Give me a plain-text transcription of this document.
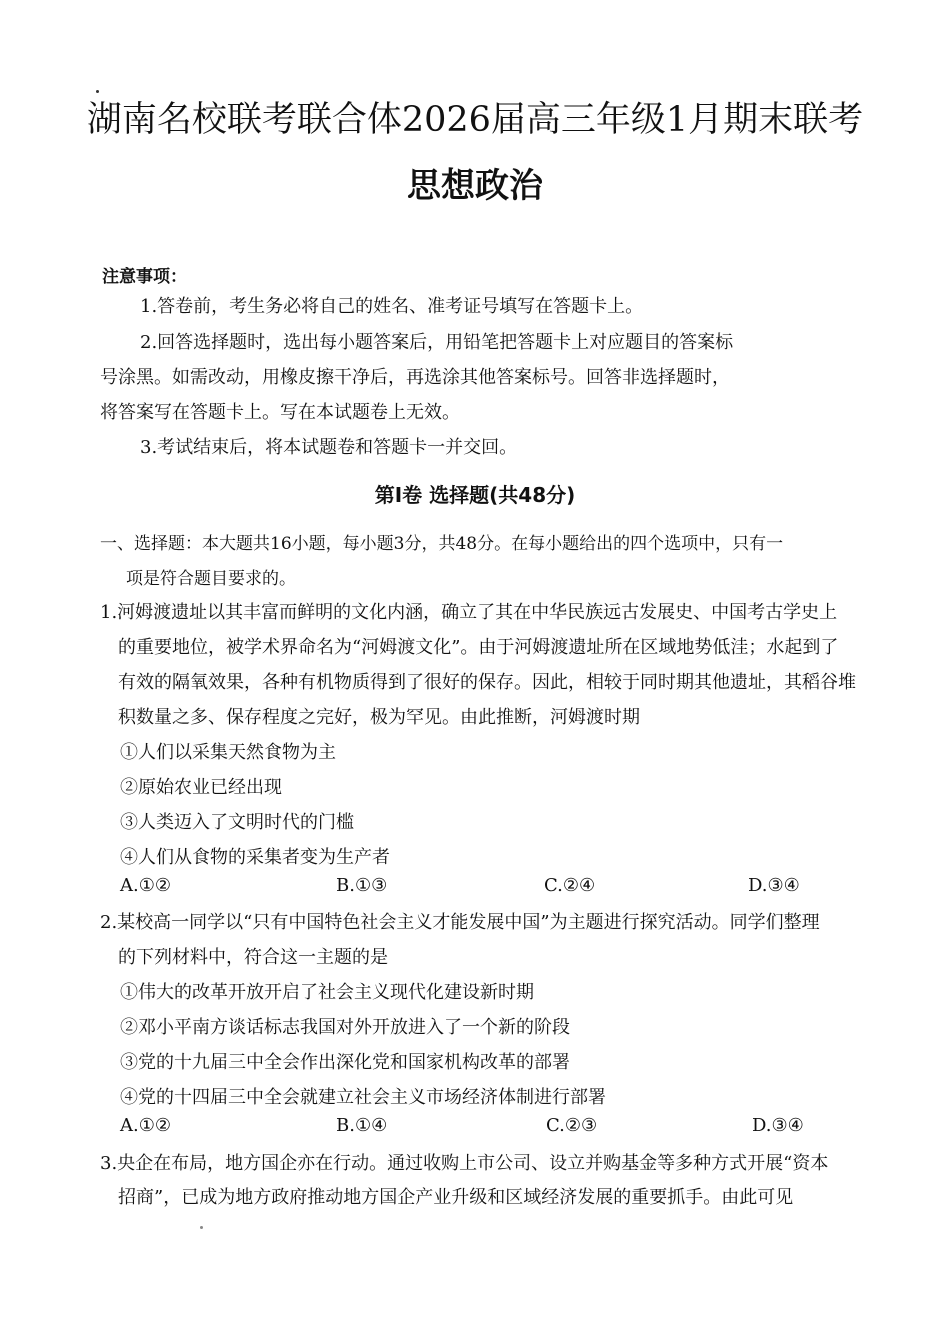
湖南名校联考联合体2026届高三年级1月期末联考
思想政治
注意事项：
1.答卷前，考生务必将自己的姓名、准考证号填写在答题卡上。
2.回答选择题时，选出每小题答案后，用铅笔把答题卡上对应题目的答案标
号涂黑。如需改动，用橡皮擦干净后，再选涂其他答案标号。回答非选择题时，
将答案写在答题卡上。写在本试题卷上无效。
3.考试结束后，将本试题卷和答题卡一并交回。
第Ⅰ卷 选择题(共48分)
一、选择题：本大题共16小题，每小题3分，共48分。在每小题给出的四个选项中，只有一
项是符合题目要求的。
1.河姆渡遗址以其丰富而鲜明的文化内涵，确立了其在中华民族远古发展史、中国考古学史上
的重要地位，被学术界命名为“河姆渡文化”。由于河姆渡遗址所在区域地势低洼；水起到了
有效的隔氧效果，各种有机物质得到了很好的保存。因此，相较于同时期其他遗址，其稻谷堆
积数量之多、保存程度之完好，极为罕见。由此推断，河姆渡时期
①人们以采集天然食物为主
②原始农业已经出现
③人类迈入了文明时代的门槛
④人们从食物的采集者变为生产者
A.①②	B.①③	C.②④	D.③④
2.某校高一同学以“只有中国特色社会主义才能发展中国”为主题进行探究活动。同学们整理
的下列材料中，符合这一主题的是
①伟大的改革开放开启了社会主义现代化建设新时期
②邓小平南方谈话标志我国对外开放进入了一个新的阶段
③党的十九届三中全会作出深化党和国家机构改革的部署
④党的十四届三中全会就建立社会主义市场经济体制进行部署
A.①②	B.①④	C.②③	D.③④
3.央企在布局，地方国企亦在行动。通过收购上市公司、设立并购基金等多种方式开展“资本
招商”，已成为地方政府推动地方国企产业升级和区域经济发展的重要抓手。由此可见
